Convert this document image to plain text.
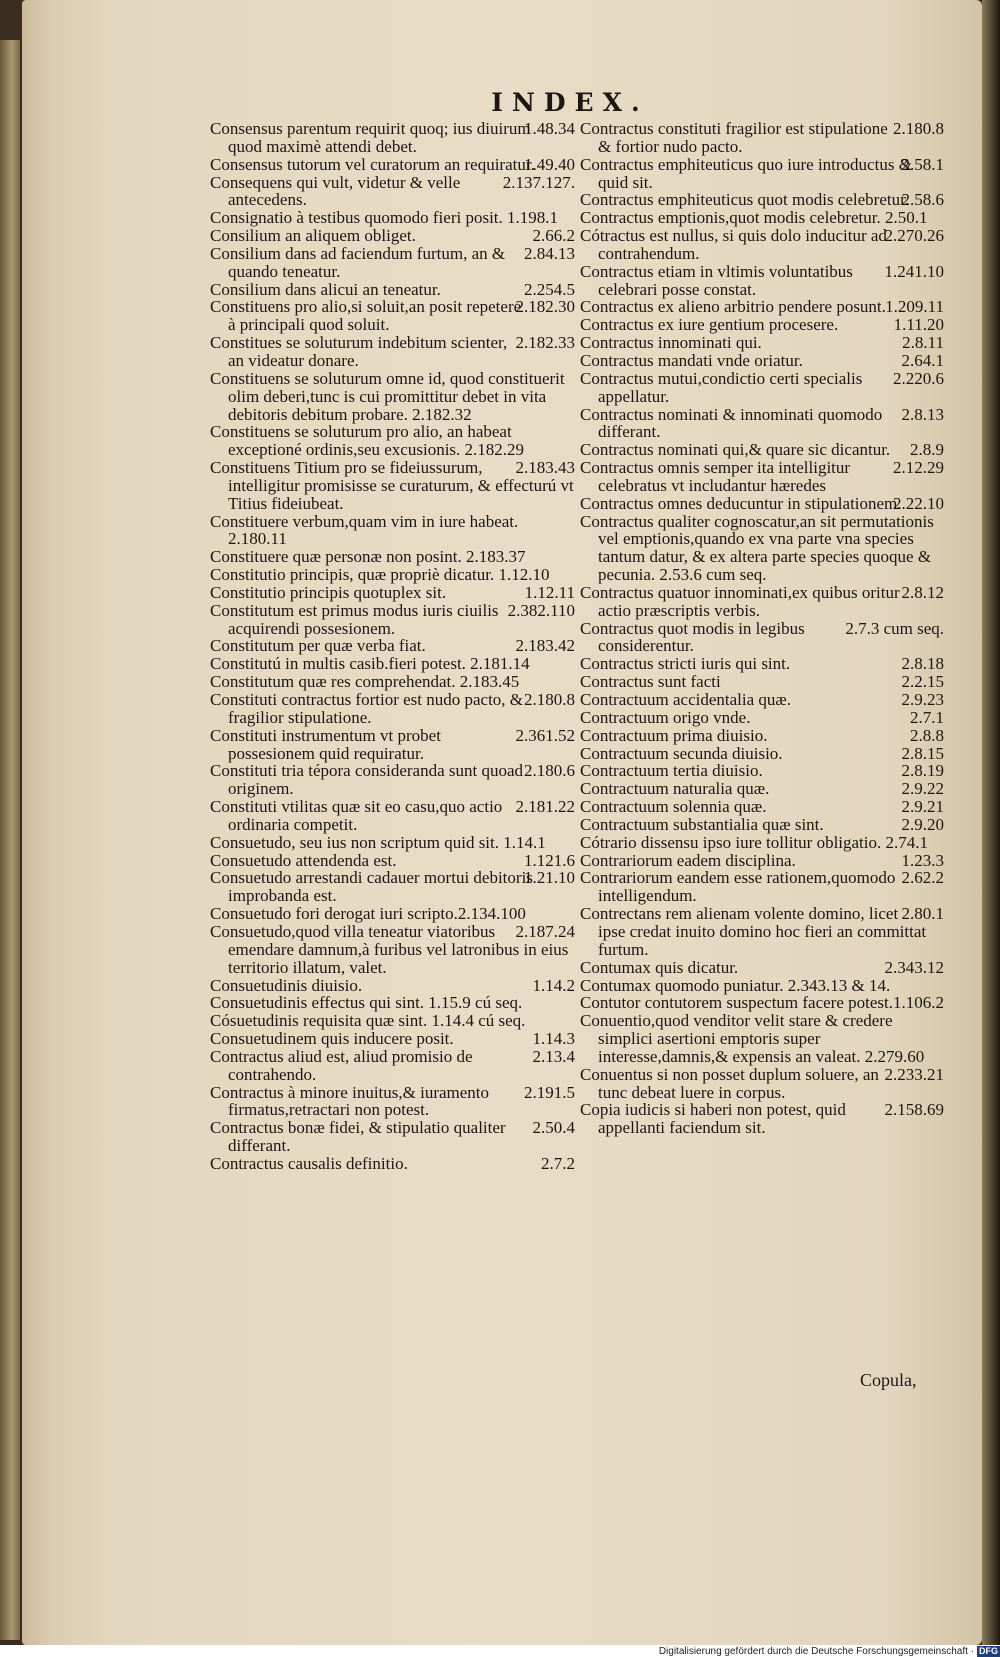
INDEX.
1.48.34
Consensus parentum requirit quoq; ius diuirum quod maximè attendi debet.
1.49.40
Consensus tutorum vel curatorum an requiratur.
2.137.127.
Consequens qui vult, videtur & velle antecedens.
Consignatio à testibus quomodo fieri posit. 1.198.1
2.66.2
Consilium an aliquem obliget.
2.84.13
Consilium dans ad faciendum furtum, an & quando teneatur.
2.254.5
Consilium dans alicui an teneatur.
2.182.30
Constituens pro alio,si soluit,an posit repetere à principali quod soluit.
2.182.33
Constitues se soluturum indebitum scienter, an videatur donare.
Constituens se soluturum omne id, quod constituerit olim deberi,tunc is cui promittitur debet in vita debitoris debitum probare. 2.182.32
Constituens se soluturum pro alio, an habeat exceptioné ordinis,seu excusionis. 2.182.29
2.183.43
Constituens Titium pro se fideiussurum, intelligitur promisisse se curaturum, & effecturú vt Titius fideiubeat.
Constituere verbum,quam vim in iure habeat. 2.180.11
Constituere quæ personæ non posint. 2.183.37
Constitutio principis, quæ propriè dicatur. 1.12.10
1.12.11
Constitutio principis quotuplex sit.
2.382.110
Constitutum est primus modus iuris ciuilis acquirendi possesionem.
2.183.42
Constitutum per quæ verba fiat.
Constitutú in multis casib.fieri potest. 2.181.14
Constitutum quæ res comprehendat. 2.183.45
2.180.8
Constituti contractus fortior est nudo pacto, & fragilior stipulatione.
2.361.52
Constituti instrumentum vt probet possesionem quid requiratur.
2.180.6
Constituti tria tépora consideranda sunt quoad originem.
2.181.22
Constituti vtilitas quæ sit eo casu,quo actio ordinaria competit.
Consuetudo, seu ius non scriptum quid sit. 1.14.1
1.121.6
Consuetudo attendenda est.
1.21.10
Consuetudo arrestandi cadauer mortui debitoris improbanda est.
Consuetudo fori derogat iuri scripto.2.134.100
2.187.24
Consuetudo,quod villa teneatur viatoribus emendare damnum,à furibus vel latronibus in eius territorio illatum, valet.
1.14.2
Consuetudinis diuisio.
Consuetudinis effectus qui sint. 1.15.9 cú seq.
Cósuetudinis requisita quæ sint. 1.14.4 cú seq.
1.14.3
Consuetudinem quis inducere posit.
2.13.4
Contractus aliud est, aliud promisio de contrahendo.
2.191.5
Contractus à minore inuitus,& iuramento firmatus,retractari non potest.
2.50.4
Contractus bonæ fidei, & stipulatio qualiter differant.
2.7.2
Contractus causalis definitio.
2.180.8
Contractus constituti fragilior est stipulatione & fortior nudo pacto.
2.58.1
Contractus emphiteuticus quo iure introductus & quid sit.
2.58.6
Contractus emphiteuticus quot modis celebretur.
Contractus emptionis,quot modis celebretur. 2.50.1
2.270.26
Cótractus est nullus, si quis dolo inducitur ad contrahendum.
1.241.10
Contractus etiam in vltimis voluntatibus celebrari posse constat.
1.209.11
Contractus ex alieno arbitrio pendere posunt.
1.11.20
Contractus ex iure gentium procesere.
2.8.11
Contractus innominati qui.
2.64.1
Contractus mandati vnde oriatur.
2.220.6
Contractus mutui,condictio certi specialis appellatur.
2.8.13
Contractus nominati & innominati quomodo differant.
2.8.9
Contractus nominati qui,& quare sic dicantur.
2.12.29
Contractus omnis semper ita intelligitur celebratus vt includantur hæredes
2.22.10
Contractus omnes deducuntur in stipulationem.
Contractus qualiter cognoscatur,an sit permutationis vel emptionis,quando ex vna parte vna species tantum datur, & ex altera parte species quoque & pecunia. 2.53.6 cum seq.
2.8.12
Contractus quatuor innominati,ex quibus oritur actio præscriptis verbis.
2.7.3 cum seq.
Contractus quot modis in legibus considerentur.
2.8.18
Contractus stricti iuris qui sint.
2.2.15
Contractus sunt facti
2.9.23
Contractuum accidentalia quæ.
2.7.1
Contractuum origo vnde.
2.8.8
Contractuum prima diuisio.
2.8.15
Contractuum secunda diuisio.
2.8.19
Contractuum tertia diuisio.
2.9.22
Contractuum naturalia quæ.
2.9.21
Contractuum solennia quæ.
2.9.20
Contractuum substantialia quæ sint.
Cótrario dissensu ipso iure tollitur obligatio. 2.74.1
1.23.3
Contrariorum eadem disciplina.
2.62.2
Contrariorum eandem esse rationem,quomodo intelligendum.
2.80.1
Contrectans rem alienam volente domino, licet ipse credat inuito domino hoc fieri an committat furtum.
2.343.12
Contumax quis dicatur.
Contumax quomodo puniatur. 2.343.13 & 14.
1.106.2
Contutor contutorem suspectum facere potest.
Conuentio,quod venditor velit stare & credere simplici asertioni emptoris super interesse,damnis,& expensis an valeat. 2.279.60
2.233.21
Conuentus si non posset duplum soluere, an tunc debeat luere in corpus.
2.158.69
Copia iudicis si haberi non potest, quid appellanti faciendum sit.
Copula,
Digitalisierung gefördert durch die Deutsche Forschungsgemeinschaft · DFG
